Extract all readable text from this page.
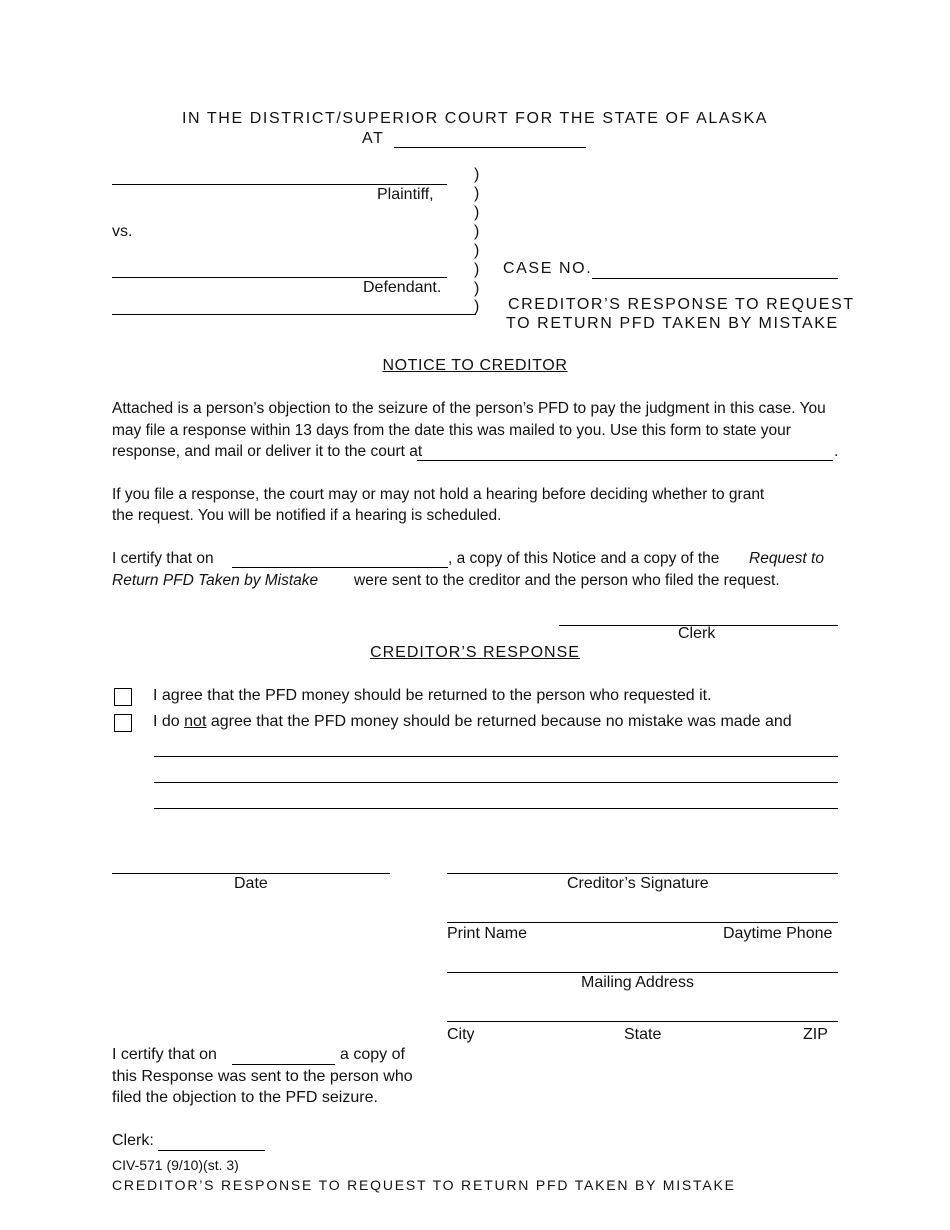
IN THE DISTRICT/SUPERIOR COURT FOR THE STATE OF ALASKA
AT
Plaintiff,
vs.
Defendant.
)
)
)
)
)
)
)
)
CASE NO.
CREDITOR’S RESPONSE TO REQUEST
TO RETURN PFD TAKEN BY MISTAKE
NOTICE TO CREDITOR
Attached is a person’s objection to the seizure of the person’s PFD to pay the judgment in this case. You
may file a response within 13 days from the date this was mailed to you. Use this form to state your
response, and mail or deliver it to the court at	.
If you file a response, the court may or may not hold a hearing before deciding whether to grant
the request. You will be notified if a hearing is scheduled.
I certify that on	, a copy of this Notice and a copy of the Request to
Return PFD Taken by Mistake were sent to the creditor and the person who filed the request.
Clerk
CREDITOR’S RESPONSE
I agree that the PFD money should be returned to the person who requested it.
I do not agree that the PFD money should be returned because no mistake was made and
Date	Creditor’s Signature
Print Name	Daytime Phone
Mailing Address
City	State	ZIP
I certify that on	a copy of
this Response was sent to the person who
filed the objection to the PFD seizure.
Clerk:
CIV-571 (9/10)(st. 3)
CREDITOR’S RESPONSE TO REQUEST TO RETURN PFD TAKEN BY MISTAKE
